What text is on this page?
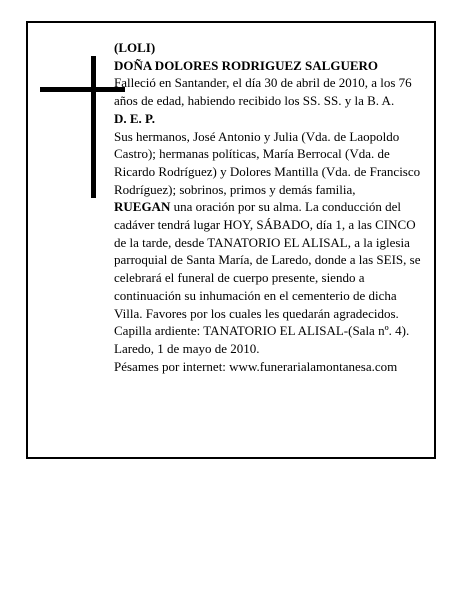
(LOLI)

DOÑA DOLORES RODRIGUEZ SALGUERO

Falleció en Santander, el día 30 de abril de 2010, a los 76 años de edad, habiendo recibido los SS. SS. y la B. A.

D. E. P.

Sus hermanos, José Antonio y Julia (Vda. de Laopoldo Castro); hermanas políticas, María Berrocal (Vda. de Ricardo Rodríguez) y Dolores Mantilla (Vda. de Francisco Rodríguez); sobrinos, primos y demás familia,

RUEGAN una oración por su alma. La conducción del cadáver tendrá lugar HOY, SÁBADO, día 1, a las CINCO de la tarde, desde TANATORIO EL ALISAL, a la iglesia parroquial de Santa María, de Laredo, donde a las SEIS, se celebrará el funeral de cuerpo presente, siendo a continuación su inhumación en el cementerio de dicha Villa. Favores por los cuales les quedarán agradecidos. Capilla ardiente: TANATORIO EL ALISAL-(Sala nº. 4).

Laredo, 1 de mayo de 2010.

Pésames por internet: www.funerarialamontanesa.com
